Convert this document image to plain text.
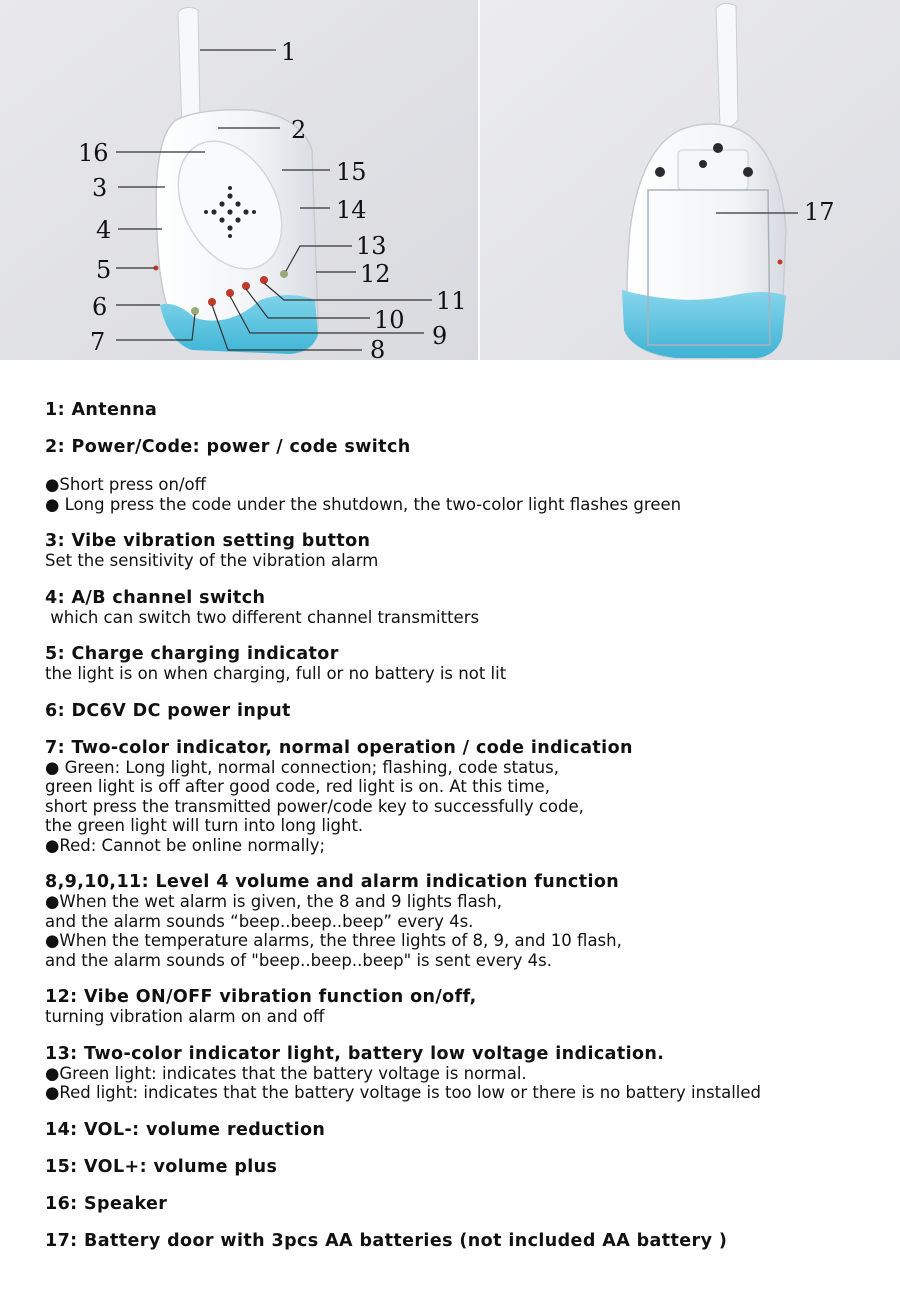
1
2
3
4
5
6
7	8 9
10
11
12
13
14
15
16
17
1: Antenna
2: Power/Code: power / code switch
●Short press on/off
● Long press the code under the shutdown, the two-color light flashes green
3: Vibe vibration setting button
Set the sensitivity of the vibration alarm
4: A/B channel switch
which can switch two different channel transmitters
5: Charge charging indicator
the light is on when charging, full or no battery is not lit
6: DC6V DC power input
7: Two-color indicator, normal operation / code indication
● Green: Long light, normal connection; flashing, code status,
green light is off after good code, red light is on. At this time,
short press the transmitted power/code key to successfully code,
the green light will turn into long light.
●Red: Cannot be online normally;
8,9,10,11: Level 4 volume and alarm indication function
●When the wet alarm is given, the 8 and 9 lights flash,
and the alarm sounds “beep..beep..beep” every 4s.
●When the temperature alarms, the three lights of 8, 9, and 10 flash,
and the alarm sounds of "beep..beep..beep" is sent every 4s.
12: Vibe ON/OFF vibration function on/off,
turning vibration alarm on and off
13: Two-color indicator light, battery low voltage indication.
●Green light: indicates that the battery voltage is normal.
●Red light: indicates that the battery voltage is too low or there is no battery installed
14: VOL-: volume reduction
15: VOL+: volume plus
16: Speaker
17: Battery door with 3pcs AA batteries (not included AA battery )
